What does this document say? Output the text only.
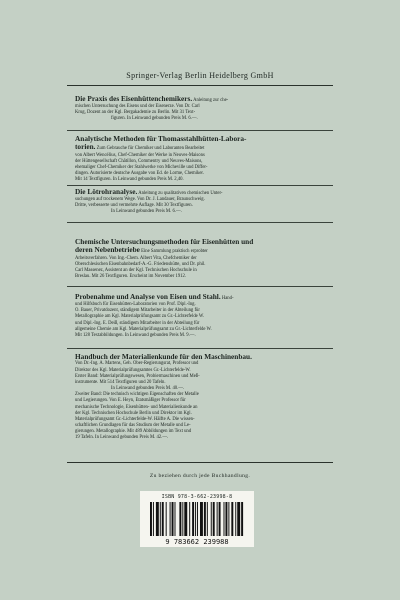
Springer-Verlag Berlin Heidelberg GmbH
Die Praxis des Eisenhüttenchemikers. Anleitung zur che-
mischen Untersuchung des Eisens und der Eisenerze. Von Dr. Carl
Krug, Dozent an der Kgl. Bergakademie zu Berlin. Mit 31 Text-
figuren. In Leinwand gebunden Preis M. 6.—.
Analytische Methoden für Thomasstahlhütten-Labora-
torien. Zum Gebrauche für Chemiker und Laboranten Bearbeitet
von Albert Wencélius, Chef-Chemiker der Werke in Neuves-Maisons
der Hüttengesellschaft Châtillon, Commentry und Neuves-Maisons,
ehemaliger Chef-Chemiker der Stahlwerke von Micheville und Differ-
dingen. Autorisierte deutsche Ausgabe von Ed. de Lorme, Chemiker.
Mit 14 Textfiguren. In Leinwand gebunden Preis M. 2,40.
Die Lötrohranalyse. Anleitung zu qualitativen chemischen Unter-
suchungen auf trockenem Wege. Von Dr. J. Landauer, Braunschweig.
Dritte, verbesserte und vermehrte Auflage. Mit 30 Textfiguren.
In Leinwand gebunden Preis M. 6.—.
Chemische Untersuchungsmethoden für Eisenhütten und
deren Nebenbetriebe Eine Sammlung praktisch erprobter
Arbeitsverfahren. Von Ing.-Chem. Albert Vita, Chefchemiker der
Oberschlesischen Eisenbahnbedarf-A.-G. Friedenshütte, und Dr. phil.
Carl Massenez, Assistent an der Kgl. Technischen Hochschule in
Breslau. Mit 26 Textfiguren. Erscheint im November 1912.
Probenahme und Analyse von Eisen und Stahl. Hand-
und Hilfsbuch für Eisenhütten-Laboratorien von Prof. Dipl.-Ing.
O. Bauer, Privatdozent, ständigem Mitarbeiter in der Abteilung für
Metallographie am Kgl. Materialprüfungsamt zu Gr.-Lichterfelde W.
und Dipl.-Ing. E. Deiß, ständigem Mitarbeiter in der Abteilung für
allgemeine Chemie am Kgl. Materialprüfungsamt zu Gr.-Lichterfelde W.
Mit 128 Textabbildungen. In Leinwand gebunden Preis M. 9.—.
Handbuch der Materialienkunde für den Maschinenbau.
Von Dr.-Ing. A. Martens, Geh. Ober-Regierungsrat, Professor und
Direktor des Kgl. Materialprüfungsamtes Gr.-Lichterfelde-W.
Erster Band: Materialprüfungswesen, Probiermaschinen und Meß-
instrumente. Mit 514 Textfiguren und 20 Tafeln.
In Leinwand gebunden Preis M. 40.—.
Zweiter Band: Die technisch wichtigen Eigenschaften der Metalle
und Legierungen. Von E. Heyn, Etatsmäßiger Professor für
mechanische Technologie, Eisenhütten- und Materialienkunde an
der Kgl. Technischen Hochschule Berlin und Direktor im Kgl.
Materialprüfungsamt Gr.-Lichterfelde-W. Hälfte A. Die wissen-
schaftlichen Grundlagen für das Studium der Metalle und Le-
gierungen. Metallographie. Mit 489 Abbildungen im Text und
19 Tafeln. In Leinwand gebunden Preis M. 42.—.
Zu beziehen durch jede Buchhandlung.
ISBN 978-3-662-23998-8
9 783662 239988
